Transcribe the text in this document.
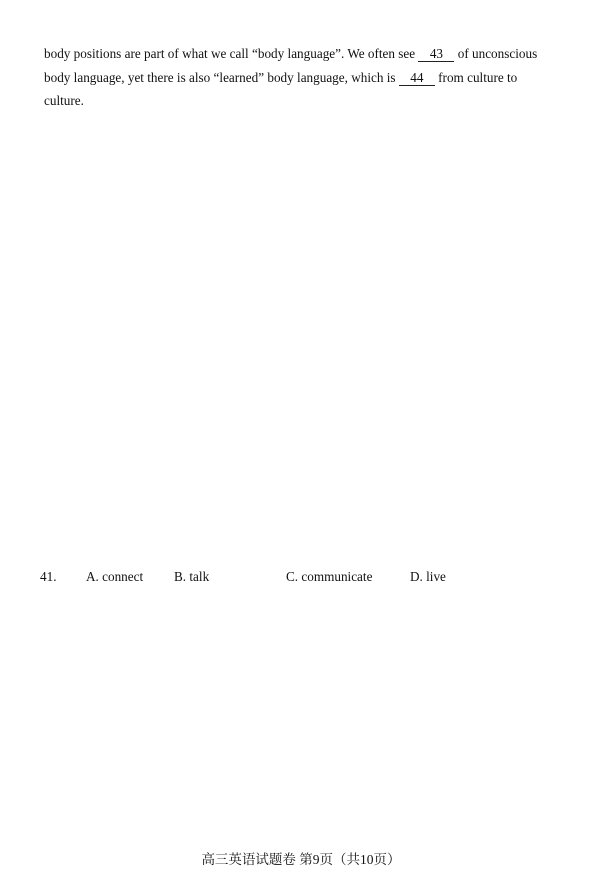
body positions are part of what we call “body language”. We often see 43 of unconscious
body language, yet there is also “learned” body language, which is 44 from culture to
culture.
41. A. connect B. talk	C. communicate	D. live
高三英语试题卷 第9页（共10页）
